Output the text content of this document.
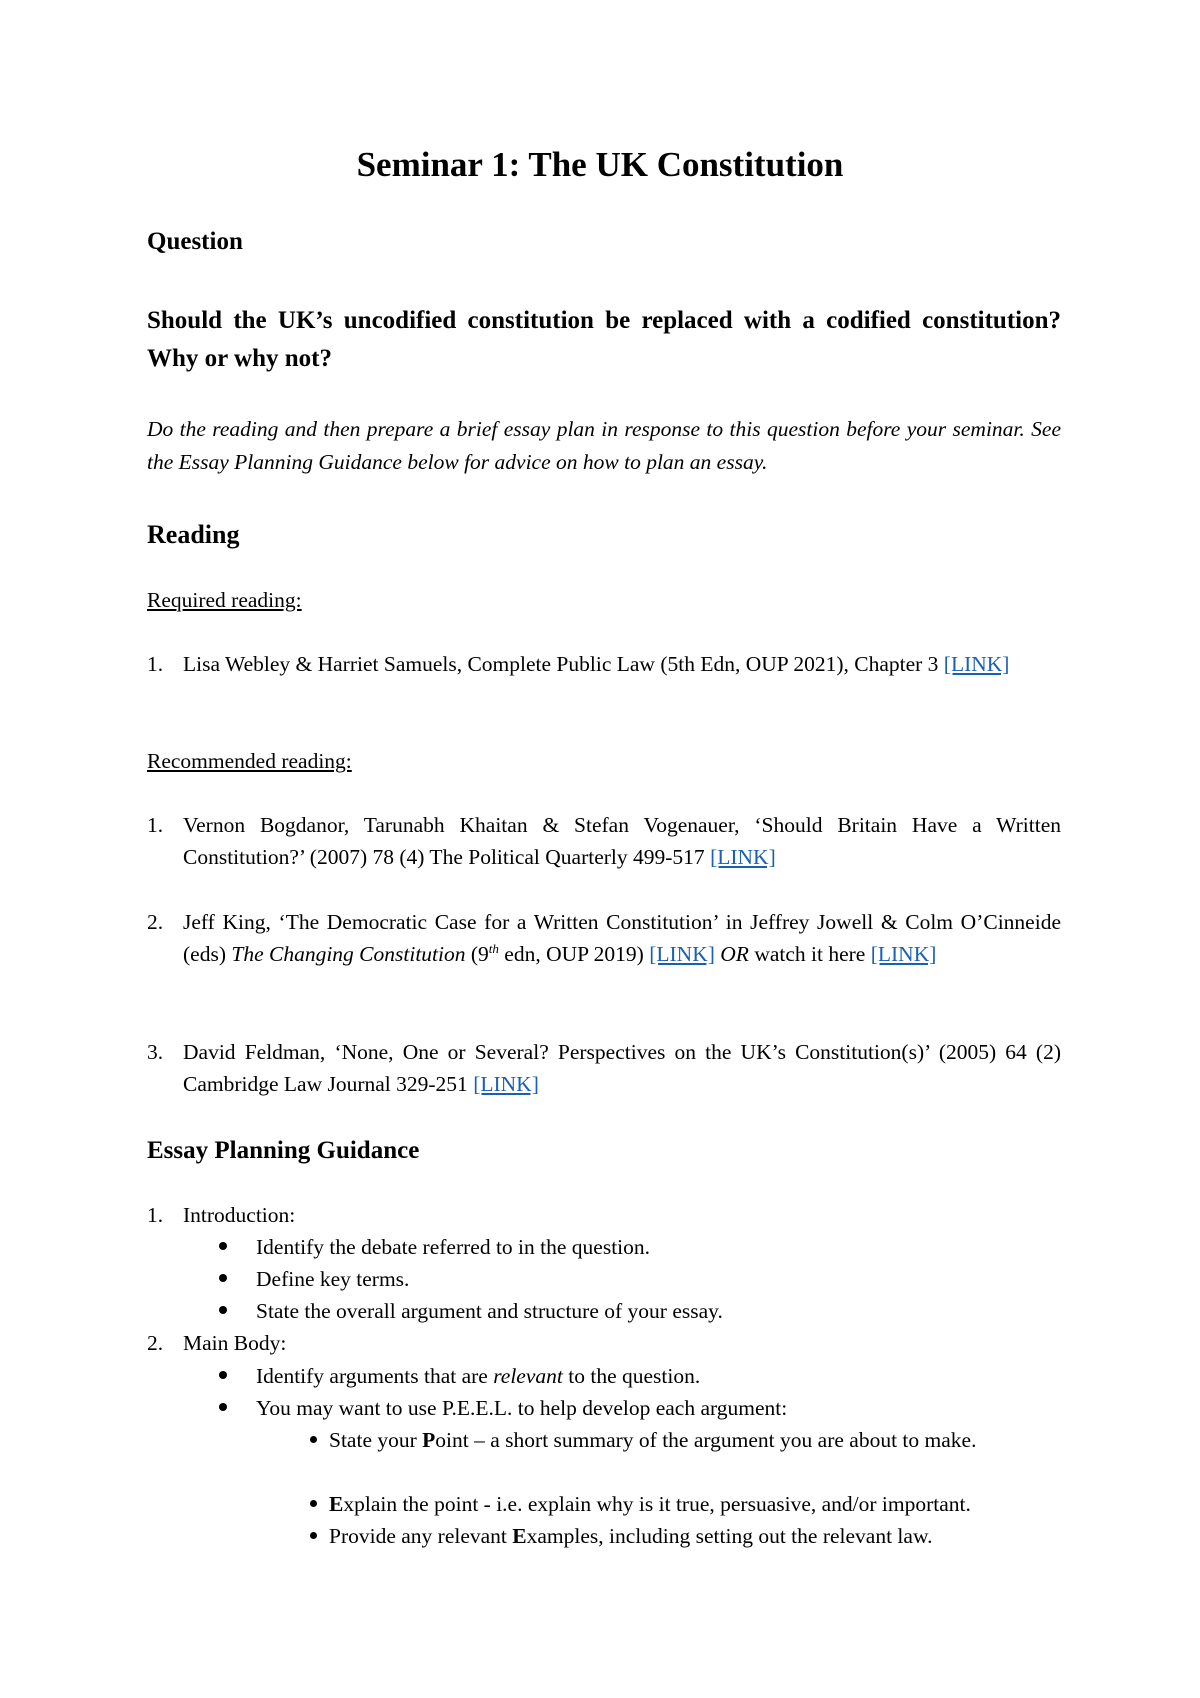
Seminar 1: The UK Constitution
Question
Should the UK’s uncodified constitution be replaced with a codified constitution? Why or why not?
Do the reading and then prepare a brief essay plan in response to this question before your seminar. See the Essay Planning Guidance below for advice on how to plan an essay.
Reading
Required reading:
1. Lisa Webley & Harriet Samuels, Complete Public Law (5th Edn, OUP 2021), Chapter 3 [LINK]
Recommended reading:
1. Vernon Bogdanor, Tarunabh Khaitan & Stefan Vogenauer, ‘Should Britain Have a Written Constitution?’ (2007) 78 (4) The Political Quarterly 499-517 [LINK]
2. Jeff King, ‘The Democratic Case for a Written Constitution’ in Jeffrey Jowell & Colm O’Cinneide (eds) The Changing Constitution (9th edn, OUP 2019) [LINK] OR watch it here [LINK]
3. David Feldman, ‘None, One or Several? Perspectives on the UK’s Constitution(s)’ (2005) 64 (2) Cambridge Law Journal 329-251 [LINK]
Essay Planning Guidance
1. Introduction:
Identify the debate referred to in the question.
Define key terms.
State the overall argument and structure of your essay.
2. Main Body:
Identify arguments that are relevant to the question.
You may want to use P.E.E.L. to help develop each argument:
State your Point – a short summary of the argument you are about to make.
Explain the point - i.e. explain why is it true, persuasive, and/or important.
Provide any relevant Examples, including setting out the relevant law.
